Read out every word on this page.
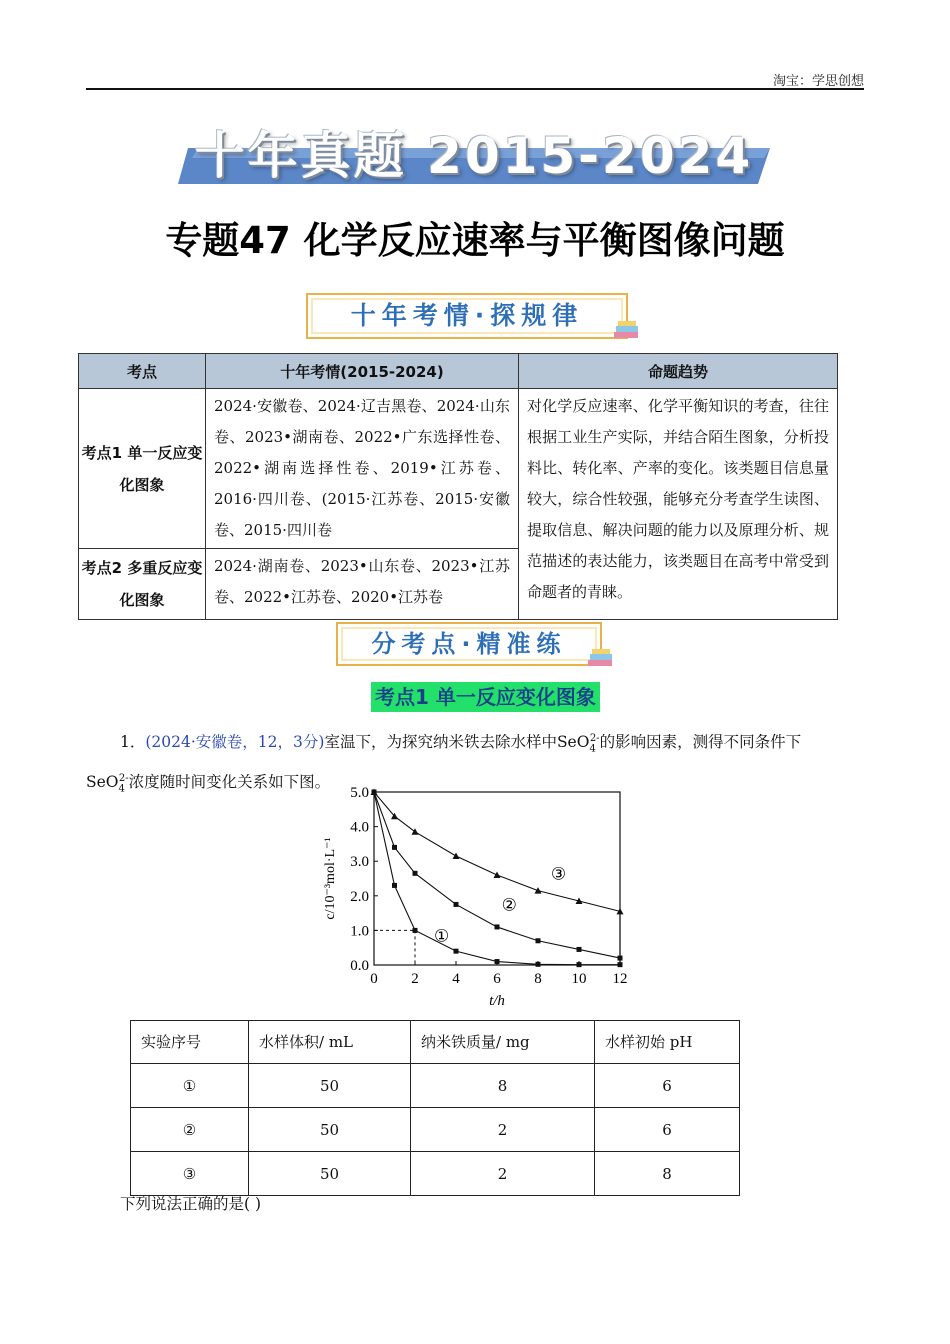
淘宝：学思创想
十年真题 2015-2024
专题47 化学反应速率与平衡图像问题
十年考情·探规律
考点	十年考情(2015-2024)	命题趋势
考点1 单一反应变化图象	2024·安徽卷、2024·辽吉黑卷、2024·山东卷、2023•湖南卷、2022•广东选择性卷、2022•湖南选择性卷、2019•江苏卷、2016·四川卷、(2015·江苏卷、2015·安徽卷、2015·四川卷	对化学反应速率、化学平衡知识的考查，往往根据工业生产实际，并结合陌生图象，分析投料比、转化率、产率的变化。该类题目信息量较大，综合性较强，能够充分考查学生读图、提取信息、解决问题的能力以及原理分析、规范描述的表达能力，该类题目在高考中常受到命题者的青睐。
考点2 多重反应变化图象	2024·湖南卷、2023•山东卷、2023•江苏卷、2022•江苏卷、2020•江苏卷	
分考点·精准练
考点1 单一反应变化图象
1．(2024·安徽卷，12，3分)室温下，为探究纳米铁去除水样中SeO$_4^{2-}$的影响因素，测得不同条件下
SeO$_4^{2-}$浓度随时间变化关系如下图。
0 2 4 6 8 10 12
0.0
1.0
2.0
3.0
4.0
5.0
t/h
c/10⁻³mol·L⁻¹
①
②
③
实验序号	水样体积/ mL	纳米铁质量/ mg	水样初始 pH
①	50	8	6
②	50	2	6
③	50	2	8
下列说法正确的是( )
